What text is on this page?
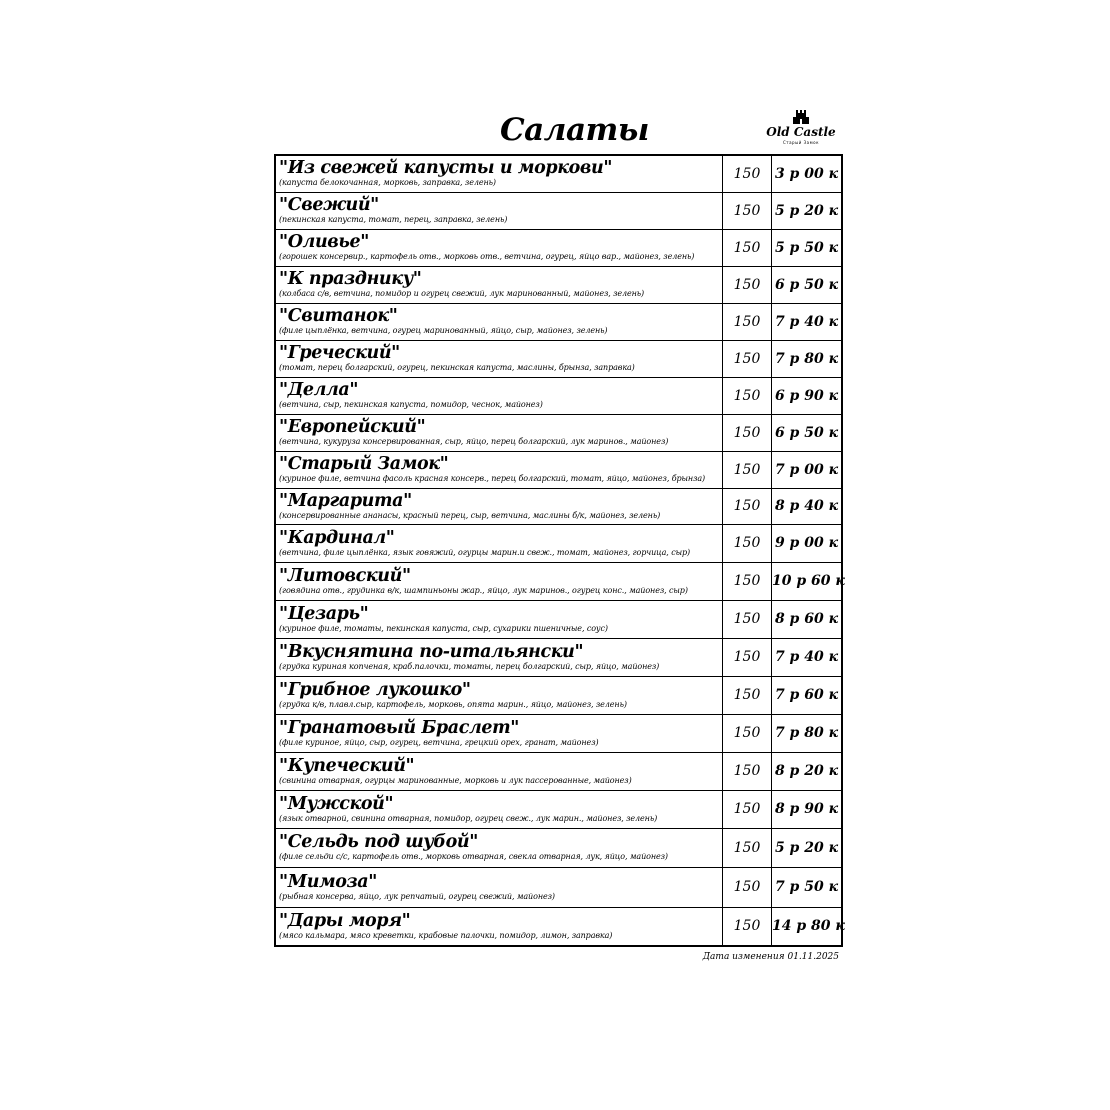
Салаты	Old Castle
Старый Замок
"Из свежей капусты и моркови"
(капуста белокочанная, морковь, заправка, зелень)	150	3 р 00 к

"Свежий"
(пекинская капуста, томат, перец, заправка, зелень)	150	5 р 20 к

"Оливье"
(горошек консервир., картофель отв., морковь отв., ветчина, огурец, яйцо вар., майонез, зелень)	150	5 р 50 к

"К празднику"
(колбаса с/в, ветчина, помидор и огурец свежий, лук маринованный, майонез, зелень)	150	6 р 50 к

"Свитанок"
(филе цыплёнка, ветчина, огурец маринованный, яйцо, сыр, майонез, зелень)	150	7 р 40 к

"Греческий"
(томат, перец болгарский, огурец, пекинская капуста, маслины, брынза, заправка)	150	7 р 80 к

"Делла"
(ветчина, сыр, пекинская капуста, помидор, чеснок, майонез)	150	6 р 90 к

"Европейский"
(ветчина, кукуруза консервированная, сыр, яйцо, перец болгарский, лук маринов., майонез)	150	6 р 50 к

"Старый Замок"
(куриное филе, ветчина фасоль красная консерв., перец болгарский, томат, яйцо, майонез, брынза)	150	7 р 00 к

"Маргарита"
(консервированные ананасы, красный перец, сыр, ветчина, маслины б/к, майонез, зелень)	150	8 р 40 к

"Кардинал"
(ветчина, филе цыплёнка, язык говяжий, огурцы марин.и свеж., томат, майонез, горчица, сыр)	150	9 р 00 к

"Литовский"
(говядина отв., грудинка в/к, шампиньоны жар., яйцо, лук маринов., огурец конс., майонез, сыр)	150	10 р 60 к

"Цезарь"
(куриное филе, томаты, пекинская капуста, сыр, сухарики пшеничные, соус)	150	8 р 60 к

"Вкуснятина по-итальянски"
(грудка куриная копченая, краб.палочки, томаты, перец болгарский, сыр, яйцо, майонез)	150	7 р 40 к

"Грибное лукошко"
(грудка к/в, плавл.сыр, картофель, морковь, опята марин., яйцо, майонез, зелень)	150	7 р 60 к

"Гранатовый Браслет"
(филе куриное, яйцо, сыр, огурец, ветчина, грецкий орех, гранат, майонез)	150	7 р 80 к

"Купеческий"
(свинина отварная, огурцы маринованные, морковь и лук пассерованные, майонез)	150	8 р 20 к

"Мужской"
(язык отварной, свинина отварная, помидор, огурец свеж., лук марин., майонез, зелень)	150	8 р 90 к

"Сельдь под шубой"
(филе сельди с/с, картофель отв., морковь отварная, свекла отварная, лук, яйцо, майонез)	150	5 р 20 к

"Мимоза"
(рыбная консерва, яйцо, лук репчатый, огурец свежий, майонез)	150	7 р 50 к

"Дары моря"
(мясо кальмара, мясо креветки, крабовые палочки, помидор, лимон, заправка)	150	14 р 80 к
Дата изменения 01.11.2025
